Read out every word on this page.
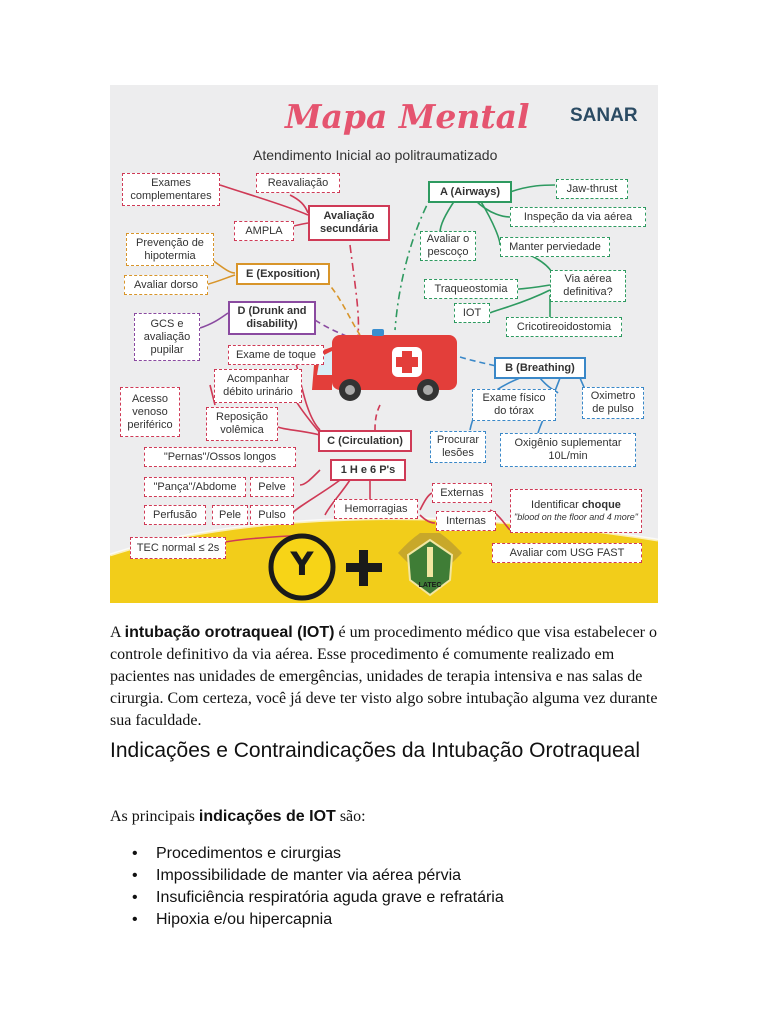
Mapa Mental
Atendimento Inicial ao politraumatizado
SANAR
Exames complementares
Reavaliação
AMPLA
Avaliação secundária
Prevenção de hipotermia
Avaliar dorso
E (Exposition)
GCS e avaliação pupilar
D (Drunk and disability)
A (Airways)	Jaw-thrust
Inspeção da via aérea
Avaliar o pescoço	Manter perviedade
Via aérea definitiva?
Traqueostomia
IOT
Cricotireoidostomia
B (Breathing)
Exame físico do tórax
Oximetro de pulso
Procurar lesões
Oxigênio suplementar 10L/min
Exame de toque
Acompanhar débito urinário
Acesso venoso periférico
Reposição volêmica
C (Circulation)
1 H e 6 P's
"Pernas"/Ossos longos
"Pança"/Abdome	Pelve
Perfusão	Pele	Pulso
TEC normal ≤ 2s
Hemorragias
Externas
Internas
Identificar choque
"blood on the floor and 4 more"
Avaliar com USG FAST
Y
LATEC
A intubação orotraqueal (IOT) é um procedimento médico que visa estabelecer o controle definitivo da via aérea. Esse procedimento é comumente realizado em pacientes nas unidades de emergências, unidades de terapia intensiva e nas salas de cirurgia. Com certeza, você já deve ter visto algo sobre intubação alguma vez durante sua faculdade.
Indicações e Contraindicações da Intubação Orotraqueal
As principais indicações de IOT são:
• Procedimentos e cirurgias
• Impossibilidade de manter via aérea pérvia
• Insuficiência respiratória aguda grave e refratária
• Hipoxia e/ou hipercapnia
